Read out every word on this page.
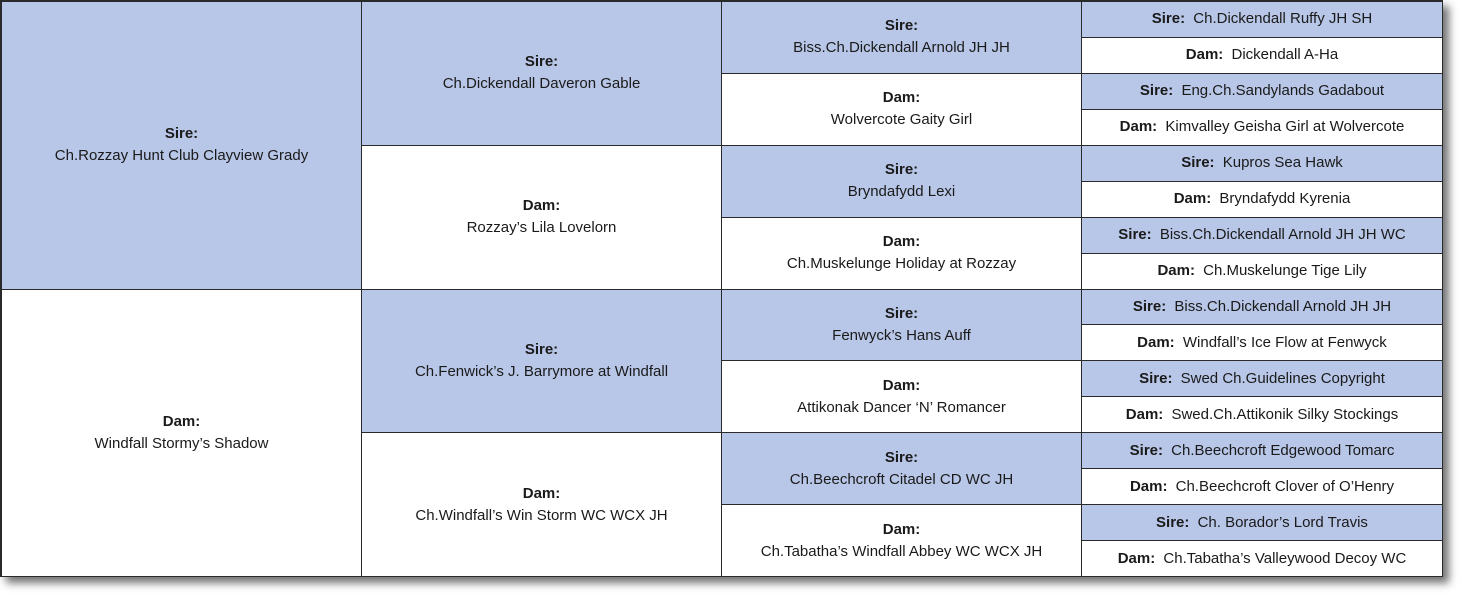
Sire:
Ch.Rozzay Hunt Club Clayview Grady	Sire:
Ch.Dickendall Daveron Gable	Sire:
Biss.Ch.Dickendall Arnold JH JH	Sire: Ch.Dickendall Ruffy JH SH
			Dam: Dickendall A-Ha

		Dam:
Wolvercote Gaity Girl	Sire: Eng.Ch.Sandylands Gadabout
			Dam: Kimvalley Geisha Girl at Wolvercote

	Dam:
Rozzay’s Lila Lovelorn	Sire:
Bryndafydd Lexi	Sire: Kupros Sea Hawk
			Dam: Bryndafydd Kyrenia

		Dam:
Ch.Muskelunge Holiday at Rozzay	Sire: Biss.Ch.Dickendall Arnold JH JH WC
			Dam: Ch.Muskelunge Tige Lily

Dam:
Windfall Stormy’s Shadow	Sire:
Ch.Fenwick’s J. Barrymore at Windfall	Sire:
Fenwyck’s Hans Auff	Sire: Biss.Ch.Dickendall Arnold JH JH
			Dam: Windfall’s Ice Flow at Fenwyck

		Dam:
Attikonak Dancer ‘N’ Romancer	Sire: Swed Ch.Guidelines Copyright
			Dam: Swed.Ch.Attikonik Silky Stockings

	Dam:
Ch.Windfall’s Win Storm WC WCX JH	Sire:
Ch.Beechcroft Citadel CD WC JH	Sire: Ch.Beechcroft Edgewood Tomarc
			Dam: Ch.Beechcroft Clover of O’Henry

		Dam:
Ch.Tabatha’s Windfall Abbey WC WCX JH	Sire: Ch. Borador’s Lord Travis
			Dam: Ch.Tabatha’s Valleywood Decoy WC
